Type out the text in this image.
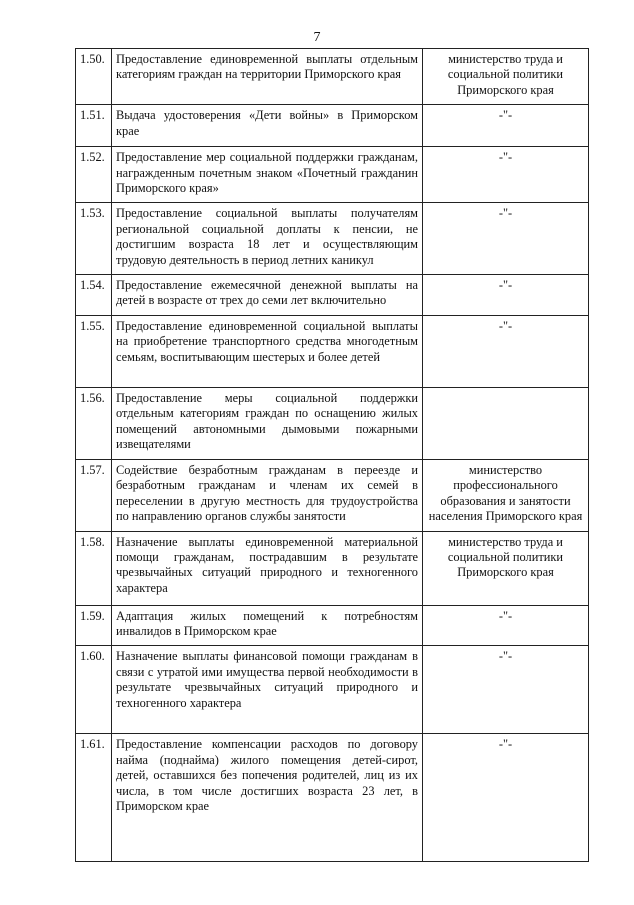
7
1.50.	Предоставление единовременной выплаты отдельным категориям граждан на территории Приморского края	министерство труда и социальной политики Приморского края
1.51.	Выдача удостоверения «Дети войны» в Приморском крае	-"-
1.52.	Предоставление мер социальной поддержки гражданам, награжденным почетным знаком «Почетный гражданин Приморского края»	-"-
1.53.	Предоставление социальной выплаты получателям региональной социальной доплаты к пенсии, не достигшим возраста 18 лет и осуществляющим трудовую деятельность в период летних каникул	-"-
1.54.	Предоставление ежемесячной денежной выплаты на детей в возрасте от трех до семи лет включительно	-"-
1.55.	Предоставление единовременной социальной выплаты на приобретение транспортного средства многодетным семьям, воспитывающим шестерых и более детей	-"-
1.56.	Предоставление меры социальной поддержки отдельным категориям граждан по оснащению жилых помещений автономными дымовыми пожарными извещателями	
1.57.	Содействие безработным гражданам в переезде и безработным гражданам и членам их семей в переселении в другую местность для трудоустройства по направлению органов службы занятости	министерство профессионального образования и занятости населения Приморского края
1.58.	Назначение выплаты единовременной материальной помощи гражданам, пострадавшим в результате чрезвычайных ситуаций природного и техногенного характера	министерство труда и социальной политики Приморского края
1.59.	Адаптация жилых помещений к потребностям инвалидов в Приморском крае	-"-
1.60.	Назначение выплаты финансовой помощи гражданам в связи с утратой ими имущества первой необходимости в результате чрезвычайных ситуаций природного и техногенного характера	-"-
1.61.	Предоставление компенсации расходов по договору найма (поднайма) жилого помещения детей-сирот, детей, оставшихся без попечения родителей, лиц из их числа, в том числе достигших возраста 23 лет, в Приморском крае	-"-
